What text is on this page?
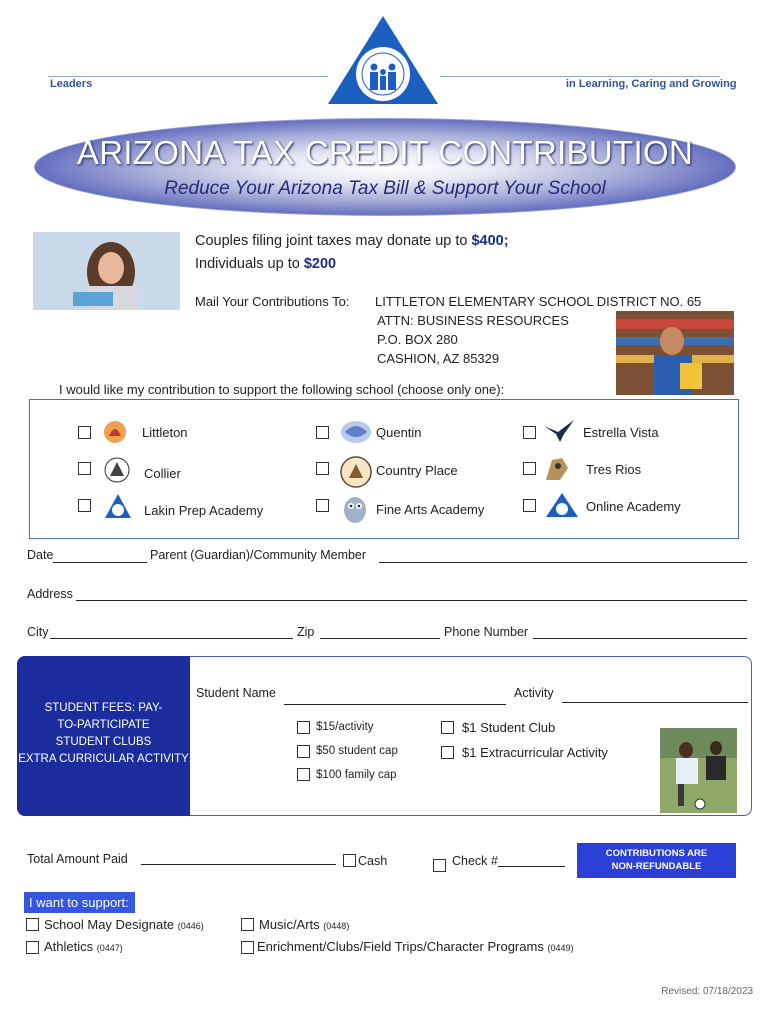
Leaders	in Learning, Caring and Growing
ARIZONA TAX CREDIT CONTRIBUTION
Reduce Your Arizona Tax Bill & Support Your School
Couples filing joint taxes may donate up to $400;
Individuals up to $200
Mail Your Contributions To: LITTLETON ELEMENTARY SCHOOL DISTRICT NO. 65
ATTN: BUSINESS RESOURCES
P.O. BOX 280
CASHION, AZ 85329
I would like my contribution to support the following school (choose only one):
Littleton	Quentin	Estrella Vista
Collier	Country Place	Tres Rios
Lakin Prep Academy	Fine Arts Academy	Online Academy
Date	Parent (Guardian)/Community Member
Address
City	Zip	Phone Number
STUDENT FEES: PAY-
TO-PARTICIPATE
STUDENT CLUBS
EXTRA CURRICULAR ACTIVITY
Student Name	Activity
$15/activity
$50 student cap
$100 family cap
$1 Student Club
$1 Extracurricular Activity
Total Amount Paid	Cash	Check #
CONTRIBUTIONS ARE
NON-REFUNDABLE
I want to support:
School May Designate (0446)	Music/Arts (0448)
Athletics (0447)	Enrichment/Clubs/Field Trips/Character Programs (0449)
Revised: 07/18/2023
